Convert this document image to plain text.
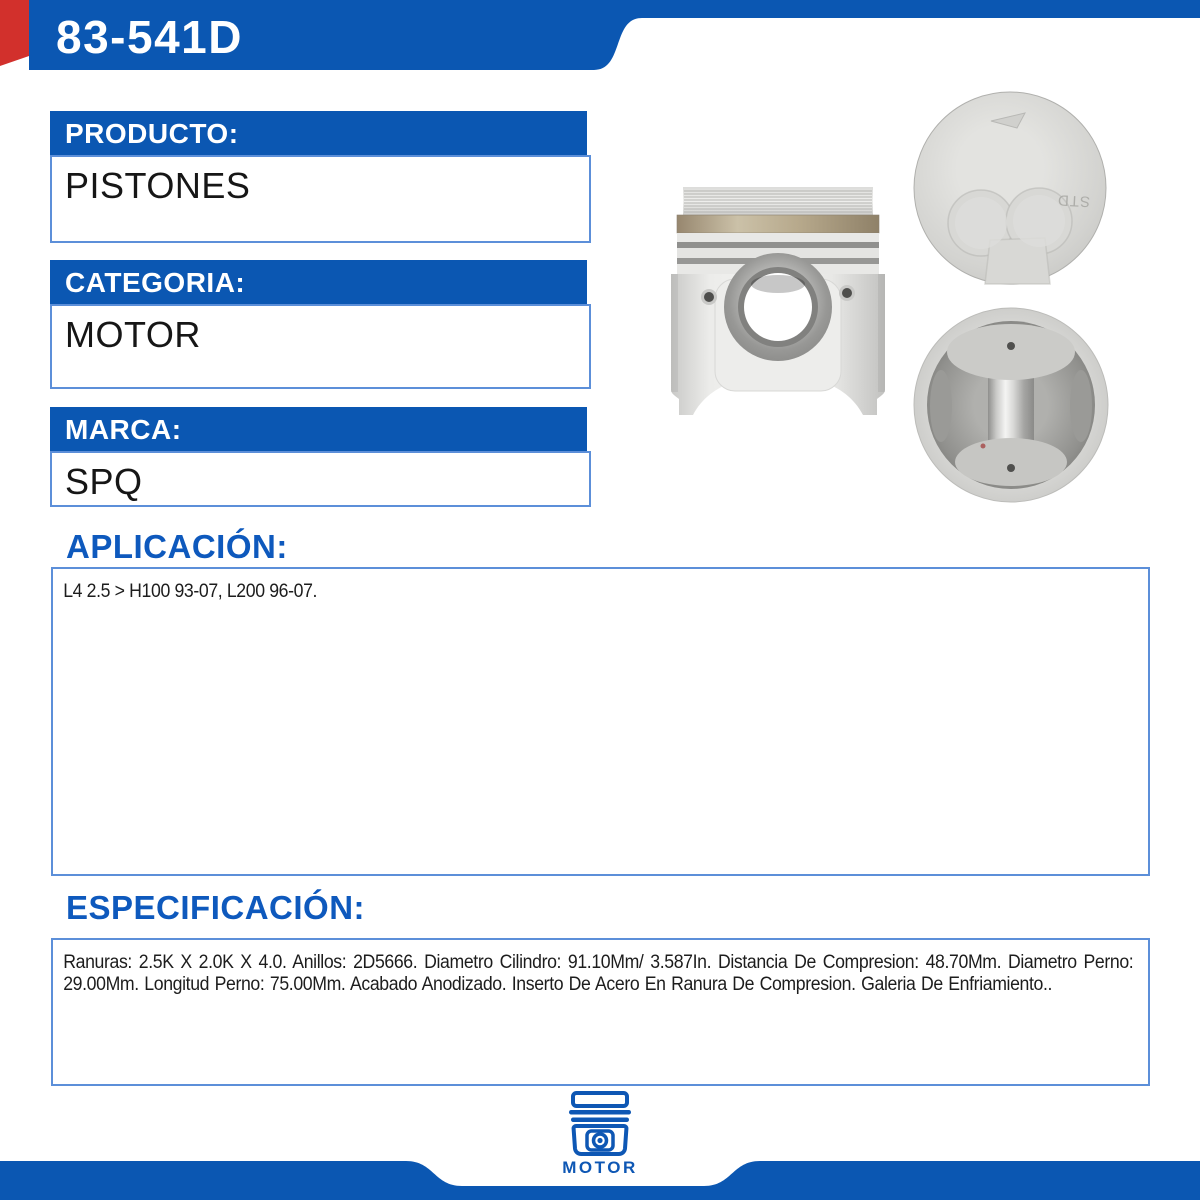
83-541D
PRODUCTO:
PISTONES
CATEGORIA:
MOTOR
MARCA:
SPQ
STD
APLICACIÓN:

L4 2.5 > H100 93-07, L200 96-07.

ESPECIFICACIÓN:

Ranuras: 2.5K X 2.0K X 4.0. Anillos: 2D5666. Diametro Cilindro: 91.10Mm/ 3.587In. Distancia De Compresion: 48.70Mm. Diametro Perno: 29.00Mm. Longitud Perno: 75.00Mm. Acabado Anodizado. Inserto De Acero En Ranura De Compresion. Galeria De Enfriamiento..

MOTOR
